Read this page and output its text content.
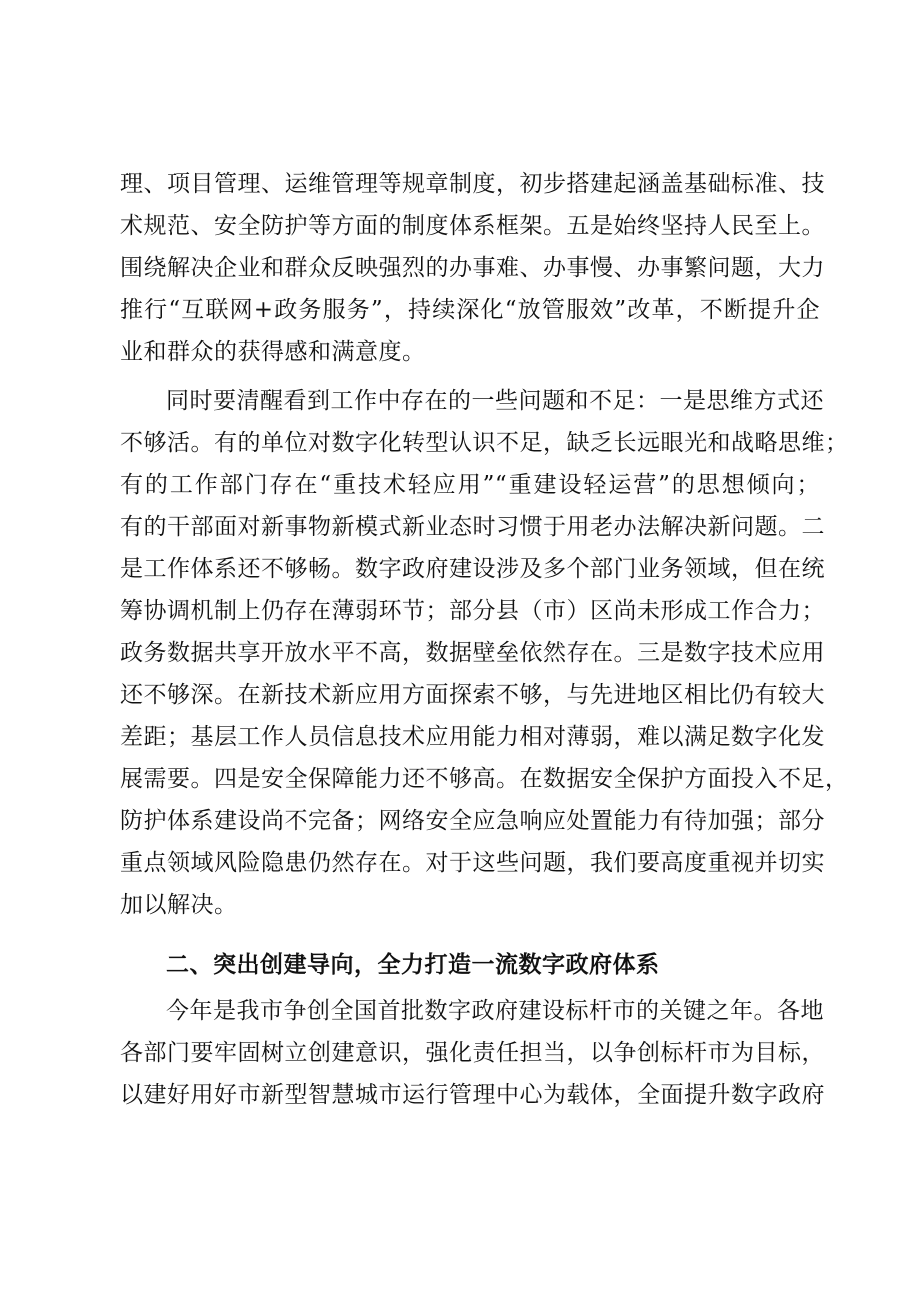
理、项目管理、运维管理等规章制度，初步搭建起涵盖基础标准、技
术规范、安全防护等方面的制度体系框架。五是始终坚持人民至上。
围绕解决企业和群众反映强烈的办事难、办事慢、办事繁问题，大力
推行“互联网+政务服务”，持续深化“放管服效”改革，不断提升企
业和群众的获得感和满意度。
同时要清醒看到工作中存在的一些问题和不足：一是思维方式还
不够活。有的单位对数字化转型认识不足，缺乏长远眼光和战略思维；
有的工作部门存在“重技术轻应用”“重建设轻运营”的思想倾向；
有的干部面对新事物新模式新业态时习惯于用老办法解决新问题。二
是工作体系还不够畅。数字政府建设涉及多个部门业务领域，但在统
筹协调机制上仍存在薄弱环节；部分县（市）区尚未形成工作合力；
政务数据共享开放水平不高，数据壁垒依然存在。三是数字技术应用
还不够深。在新技术新应用方面探索不够，与先进地区相比仍有较大
差距；基层工作人员信息技术应用能力相对薄弱，难以满足数字化发
展需要。四是安全保障能力还不够高。在数据安全保护方面投入不足，
防护体系建设尚不完备；网络安全应急响应处置能力有待加强；部分
重点领域风险隐患仍然存在。对于这些问题，我们要高度重视并切实
加以解决。
二、突出创建导向，全力打造一流数字政府体系
今年是我市争创全国首批数字政府建设标杆市的关键之年。各地
各部门要牢固树立创建意识，强化责任担当，以争创标杆市为目标，
以建好用好市新型智慧城市运行管理中心为载体，全面提升数字政府
